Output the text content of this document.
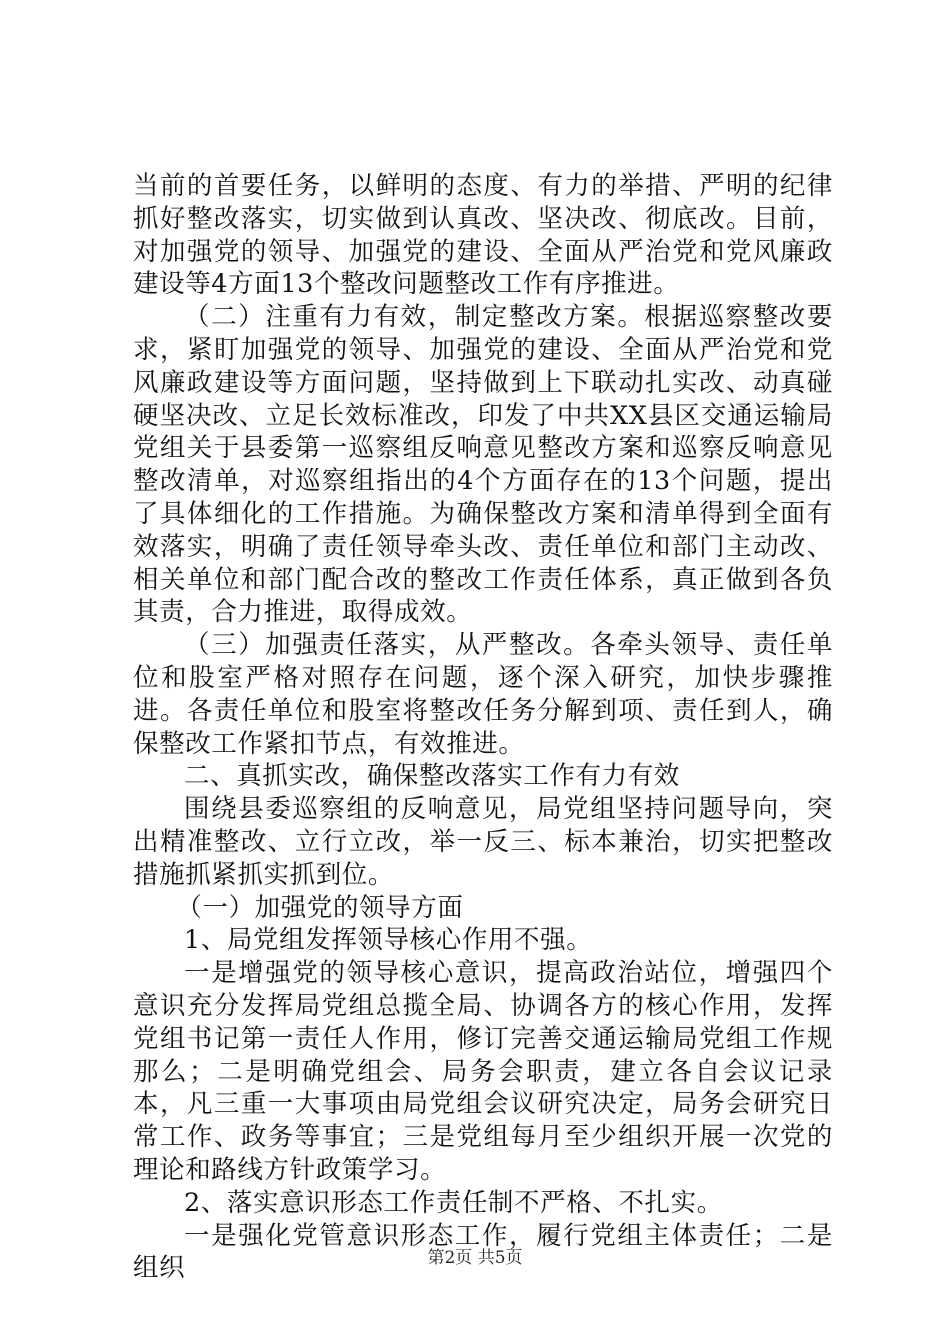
当前的首要任务，以鲜明的态度、有力的举措、严明的纪律抓好整改落实，切实做到认真改、坚决改、彻底改。目前，对加强党的领导、加强党的建设、全面从严治党和党风廉政建设等4方面13个整改问题整改工作有序推进。

（二）注重有力有效，制定整改方案。根据巡察整改要求，紧盯加强党的领导、加强党的建设、全面从严治党和党风廉政建设等方面问题，坚持做到上下联动扎实改、动真碰硬坚决改、立足长效标准改，印发了中共XX县区交通运输局党组关于县委第一巡察组反响意见整改方案和巡察反响意见整改清单，对巡察组指出的4个方面存在的13个问题，提出了具体细化的工作措施。为确保整改方案和清单得到全面有效落实，明确了责任领导牵头改、责任单位和部门主动改、相关单位和部门配合改的整改工作责任体系，真正做到各负其责，合力推进，取得成效。

（三）加强责任落实，从严整改。各牵头领导、责任单位和股室严格对照存在问题，逐个深入研究，加快步骤推进。各责任单位和股室将整改任务分解到项、责任到人，确保整改工作紧扣节点，有效推进。

二、真抓实改，确保整改落实工作有力有效

围绕县委巡察组的反响意见，局党组坚持问题导向，突出精准整改、立行立改，举一反三、标本兼治，切实把整改措施抓紧抓实抓到位。

（一）加强党的领导方面

1、局党组发挥领导核心作用不强。

一是增强党的领导核心意识，提高政治站位，增强四个意识充分发挥局党组总揽全局、协调各方的核心作用，发挥党组书记第一责任人作用，修订完善交通运输局党组工作规那么；二是明确党组会、局务会职责，建立各自会议记录本，凡三重一大事项由局党组会议研究决定，局务会研究日常工作、政务等事宜；三是党组每月至少组织开展一次党的理论和路线方针政策学习。

2、落实意识形态工作责任制不严格、不扎实。

一是强化党管意识形态工作，履行党组主体责任；二是组织	第2页 共5页
